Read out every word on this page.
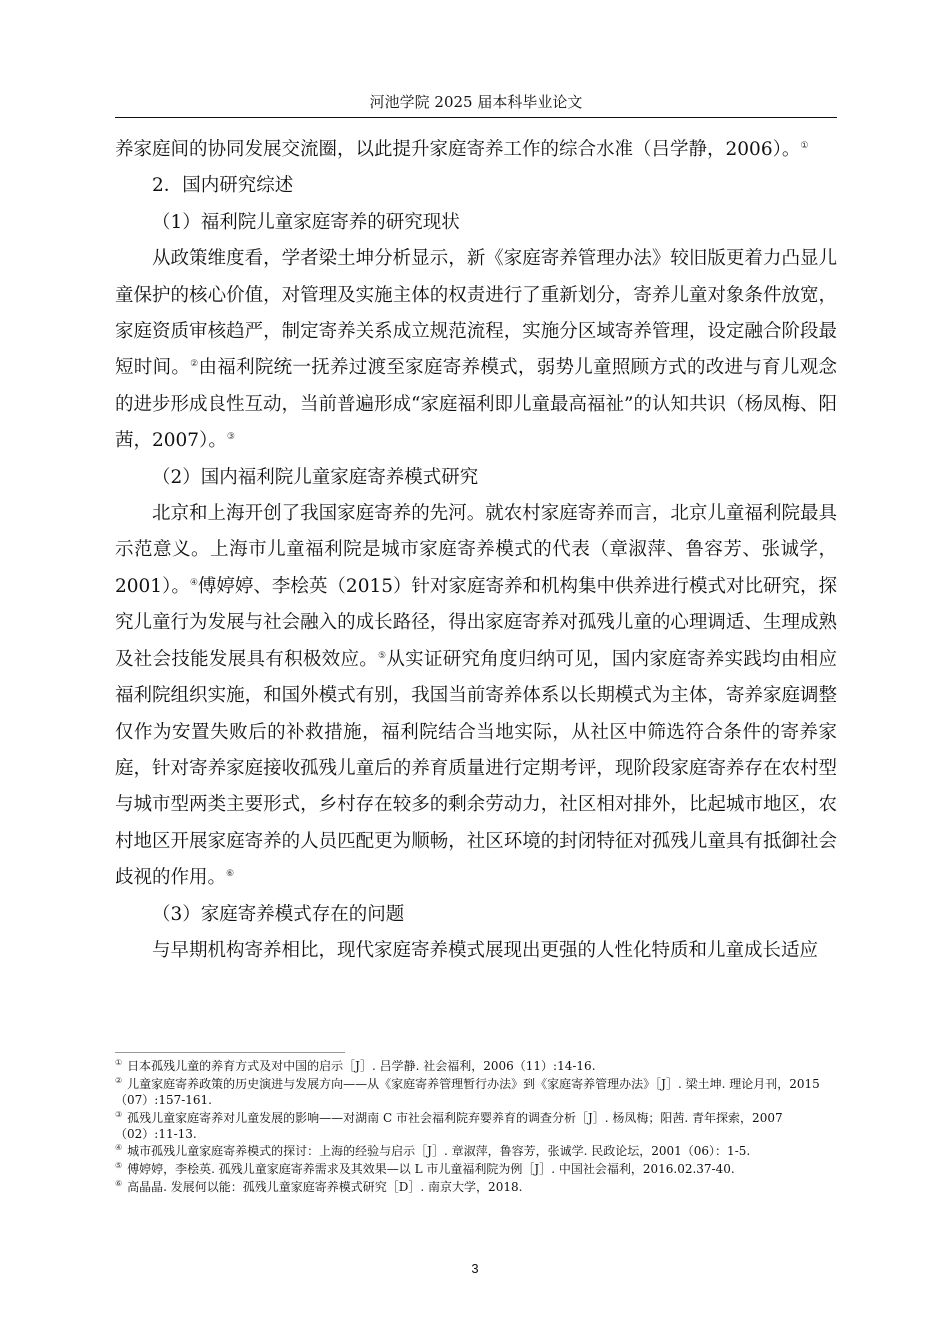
河池学院 2025 届本科毕业论文

养家庭间的协同发展交流圈，以此提升家庭寄养工作的综合水准（吕学静，2006）。①

2．国内研究综述

（1）福利院儿童家庭寄养的研究现状

从政策维度看，学者梁土坤分析显示，新《家庭寄养管理办法》较旧版更着力凸显儿童保护的核心价值，对管理及实施主体的权责进行了重新划分，寄养儿童对象条件放宽，家庭资质审核趋严，制定寄养关系成立规范流程，实施分区域寄养管理，设定融合阶段最短时间。②由福利院统一抚养过渡至家庭寄养模式，弱势儿童照顾方式的改进与育儿观念的进步形成良性互动，当前普遍形成“家庭福利即儿童最高福祉”的认知共识（杨凤梅、阳茜，2007）。③

（2）国内福利院儿童家庭寄养模式研究

北京和上海开创了我国家庭寄养的先河。就农村家庭寄养而言，北京儿童福利院最具示范意义。上海市儿童福利院是城市家庭寄养模式的代表（章淑萍、鲁容芳、张诚学，2001）。④傅婷婷、李桧英（2015）针对家庭寄养和机构集中供养进行模式对比研究，探究儿童行为发展与社会融入的成长路径，得出家庭寄养对孤残儿童的心理调适、生理成熟及社会技能发展具有积极效应。⑤从实证研究角度归纳可见，国内家庭寄养实践均由相应福利院组织实施，和国外模式有别，我国当前寄养体系以长期模式为主体，寄养家庭调整仅作为安置失败后的补救措施，福利院结合当地实际，从社区中筛选符合条件的寄养家庭，针对寄养家庭接收孤残儿童后的养育质量进行定期考评，现阶段家庭寄养存在农村型与城市型两类主要形式，乡村存在较多的剩余劳动力，社区相对排外，比起城市地区，农村地区开展家庭寄养的人员匹配更为顺畅，社区环境的封闭特征对孤残儿童具有抵御社会歧视的作用。⑥

（3）家庭寄养模式存在的问题

与早期机构寄养相比，现代家庭寄养模式展现出更强的人性化特质和儿童成长适应

① 日本孤残儿童的养育方式及对中国的启示［J］. 吕学静. 社会福利，2006（11）:14-16.

② 儿童家庭寄养政策的历史演进与发展方向——从《家庭寄养管理暂行办法》到《家庭寄养管理办法》［J］. 梁土坤. 理论月刊，2015（07）:157-161.

③ 孤残儿童家庭寄养对儿童发展的影响——对湖南 C 市社会福利院弃婴养育的调查分析［J］. 杨凤梅；阳茜. 青年探索，2007（02）:11-13.

④ 城市孤残儿童家庭寄养模式的探讨：上海的经验与启示［J］. 章淑萍，鲁容芳，张诚学. 民政论坛，2001（06）：1-5.

⑤ 傅婷婷，李桧英. 孤残儿童家庭寄养需求及其效果—以 L 市儿童福利院为例［J］. 中国社会福利，2016.02.37-40.

⑥ 高晶晶. 发展何以能：孤残儿童家庭寄养模式研究［D］. 南京大学，2018.

3
